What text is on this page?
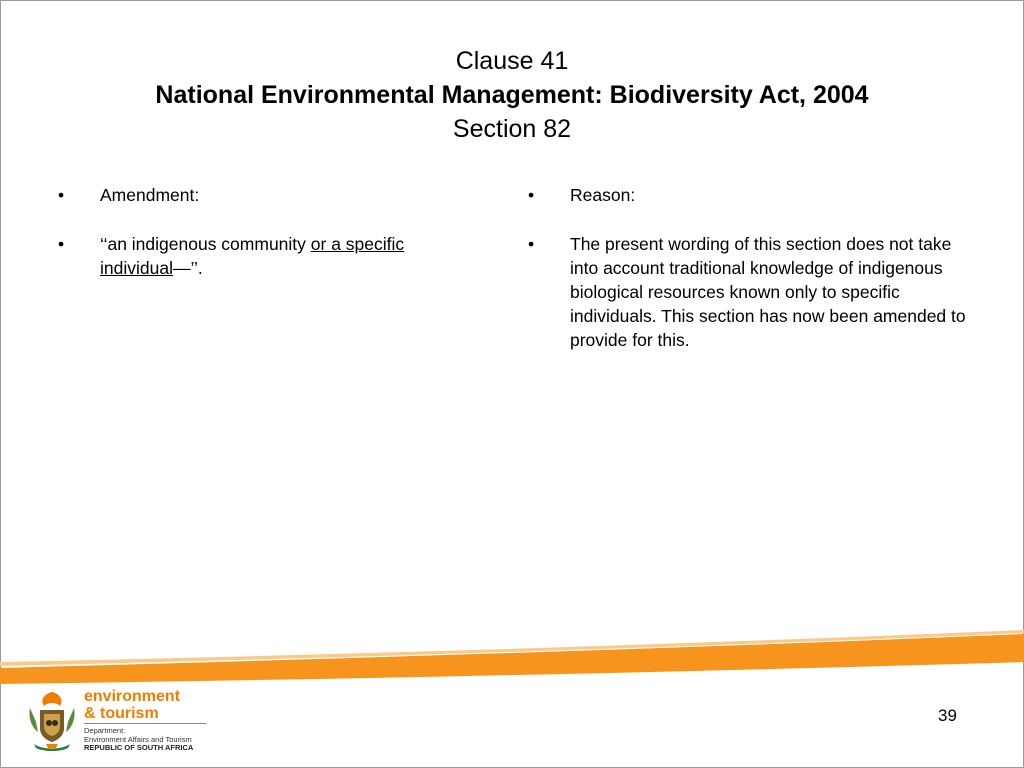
Clause 41
National Environmental Management: Biodiversity Act, 2004
Section 82
•	Amendment:
•	‘‘an indigenous community or a specific
individual—’’.
•	Reason:
•	The present wording of this section does not take into account traditional knowledge of indigenous biological resources known only to specific individuals. This section has now been amended to provide for this.
environment
& tourism
Department:
Environment Affairs and Tourism
REPUBLIC OF SOUTH AFRICA
39
